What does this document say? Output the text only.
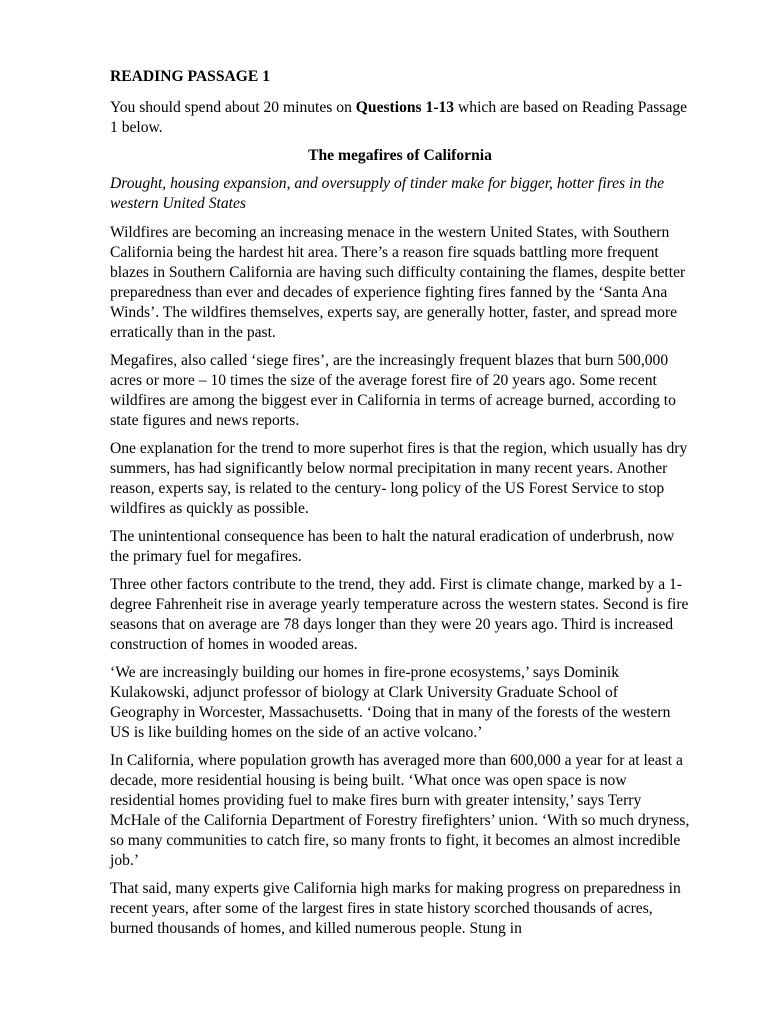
READING PASSAGE 1
You should spend about 20 minutes on Questions 1-13 which are based on Reading Passage 1 below.
The megafires of California
Drought, housing expansion, and oversupply of tinder make for bigger, hotter fires in the western United States
Wildfires are becoming an increasing menace in the western United States, with Southern California being the hardest hit area. There’s a reason fire squads battling more frequent blazes in Southern California are having such difficulty containing the flames, despite better preparedness than ever and decades of experience fighting fires fanned by the ‘Santa Ana Winds’. The wildfires themselves, experts say, are generally hotter, faster, and spread more erratically than in the past.
Megafires, also called ‘siege fires’, are the increasingly frequent blazes that burn 500,000 acres or more – 10 times the size of the average forest fire of 20 years ago. Some recent wildfires are among the biggest ever in California in terms of acreage burned, according to state figures and news reports.
One explanation for the trend to more superhot fires is that the region, which usually has dry summers, has had significantly below normal precipitation in many recent years. Another reason, experts say, is related to the century- long policy of the US Forest Service to stop wildfires as quickly as possible.
The unintentional consequence has been to halt the natural eradication of underbrush, now the primary fuel for megafires.
Three other factors contribute to the trend, they add. First is climate change, marked by a 1-degree Fahrenheit rise in average yearly temperature across the western states. Second is fire seasons that on average are 78 days longer than they were 20 years ago. Third is increased construction of homes in wooded areas.
‘We are increasingly building our homes in fire-prone ecosystems,’ says Dominik Kulakowski, adjunct professor of biology at Clark University Graduate School of Geography in Worcester, Massachusetts. ‘Doing that in many of the forests of the western US is like building homes on the side of an active volcano.’
In California, where population growth has averaged more than 600,000 a year for at least a decade, more residential housing is being built. ‘What once was open space is now residential homes providing fuel to make fires burn with greater intensity,’ says Terry McHale of the California Department of Forestry firefighters’ union. ‘With so much dryness, so many communities to catch fire, so many fronts to fight, it becomes an almost incredible job.’
That said, many experts give California high marks for making progress on preparedness in recent years, after some of the largest fires in state history scorched thousands of acres, burned thousands of homes, and killed numerous people. Stung in
